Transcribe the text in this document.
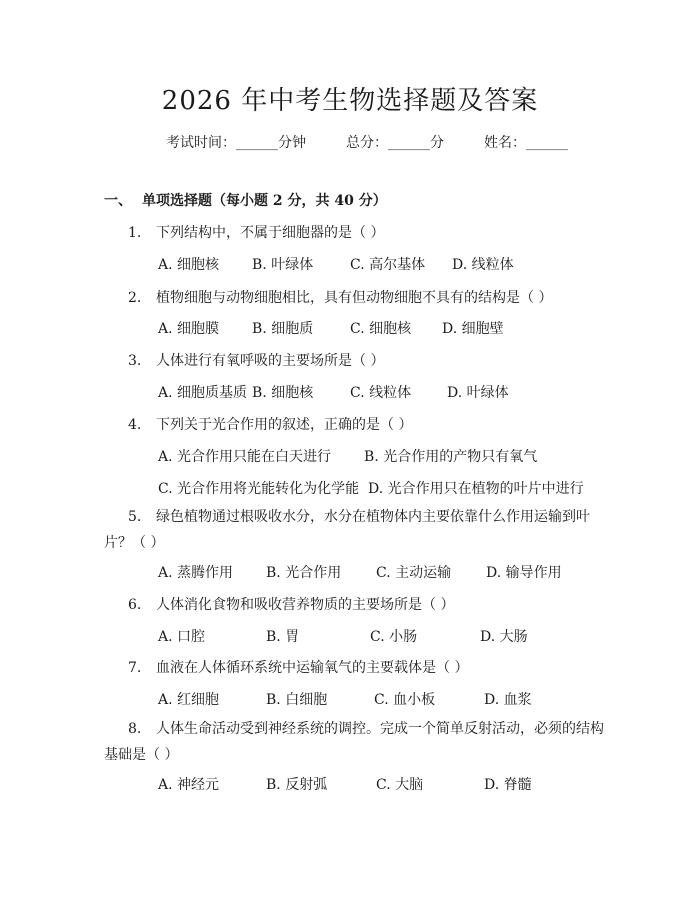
2026 年中考生物选择题及答案
考试时间：______分钟	总分：______分	姓名：______
一、 单项选择题（每小题 2 分，共 40 分）
1. 下列结构中，不属于细胞器的是（ ）
A. 细胞核 B. 叶绿体	C. 高尔基体 D. 线粒体
2. 植物细胞与动物细胞相比，具有但动物细胞不具有的结构是（ ）
A. 细胞膜 B. 细胞质	C. 细胞核 D. 细胞壁
3. 人体进行有氧呼吸的主要场所是（ ）
A. 细胞质基质 B. 细胞核	C. 线粒体	D. 叶绿体
4. 下列关于光合作用的叙述，正确的是（ ）
A. 光合作用只能在白天进行 B. 光合作用的产物只有氧气
C. 光合作用将光能转化为化学能 D. 光合作用只在植物的叶片中进行
5. 绿色植物通过根吸收水分，水分在植物体内主要依靠什么作用运输到叶片？（ ）
A. 蒸腾作用 B. 光合作用 C. 主动运输 D. 输导作用
6. 人体消化食物和吸收营养物质的主要场所是（ ）
A. 口腔	B. 胃	C. 小肠	D. 大肠
7. 血液在人体循环系统中运输氧气的主要载体是（ ）
A. 红细胞	B. 白细胞	C. 血小板	D. 血浆
8. 人体生命活动受到神经系统的调控。完成一个简单反射活动，必须的结构基础是（ ）
A. 神经元	B. 反射弧	C. 大脑	D. 脊髓
